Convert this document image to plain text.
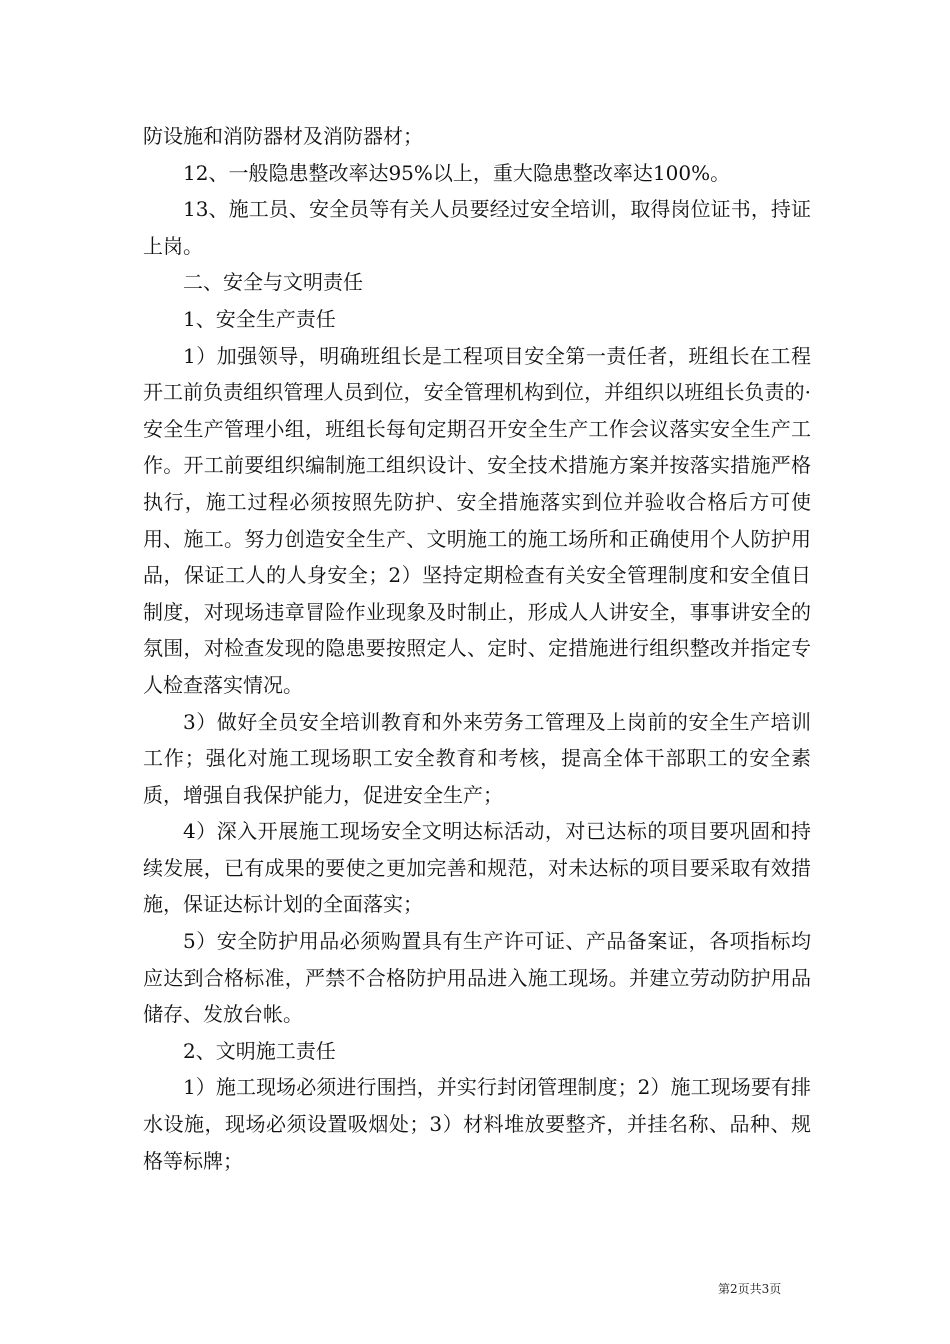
防设施和消防器材及消防器材；

12、一般隐患整改率达95%以上，重大隐患整改率达100%。

13、施工员、安全员等有关人员要经过安全培训，取得岗位证书，持证上岗。

二、安全与文明责任

1、安全生产责任

1）加强领导，明确班组长是工程项目安全第一责任者，班组长在工程开工前负责组织管理人员到位，安全管理机构到位，并组织以班组长负责的·安全生产管理小组，班组长每旬定期召开安全生产工作会议落实安全生产工作。开工前要组织编制施工组织设计、安全技术措施方案并按落实措施严格执行，施工过程必须按照先防护、安全措施落实到位并验收合格后方可使用、施工。努力创造安全生产、文明施工的施工场所和正确使用个人防护用品，保证工人的人身安全；2）坚持定期检查有关安全管理制度和安全值日制度，对现场违章冒险作业现象及时制止，形成人人讲安全，事事讲安全的氛围，对检查发现的隐患要按照定人、定时、定措施进行组织整改并指定专人检查落实情况。

3）做好全员安全培训教育和外来劳务工管理及上岗前的安全生产培训工作；强化对施工现场职工安全教育和考核，提高全体干部职工的安全素质，增强自我保护能力，促进安全生产；

4）深入开展施工现场安全文明达标活动，对已达标的项目要巩固和持续发展，已有成果的要使之更加完善和规范，对未达标的项目要采取有效措施，保证达标计划的全面落实；

5）安全防护用品必须购置具有生产许可证、产品备案证，各项指标均应达到合格标准，严禁不合格防护用品进入施工现场。并建立劳动防护用品储存、发放台帐。

2、文明施工责任

1）施工现场必须进行围挡，并实行封闭管理制度；2）施工现场要有排水设施，现场必须设置吸烟处；3）材料堆放要整齐，并挂名称、品种、规格等标牌；

第2页共3页
